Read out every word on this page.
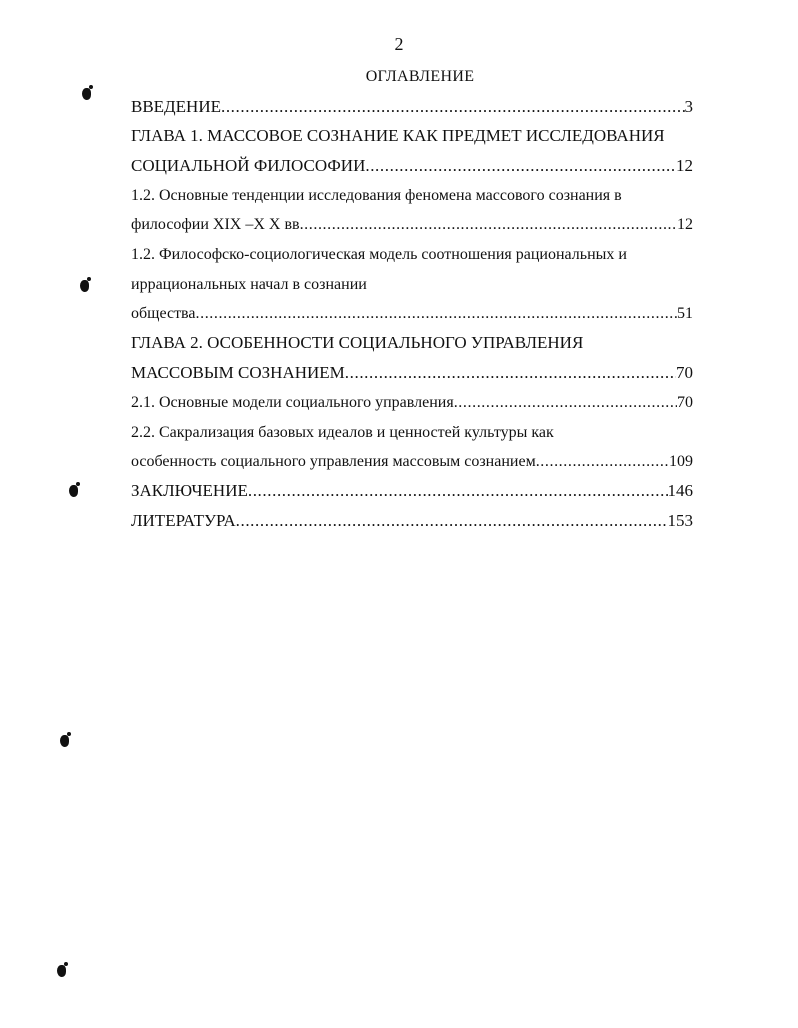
2
ОГЛАВЛЕНИЕ
ВВЕДЕНИЕ .....	3
ГЛАВА 1. МАССОВОЕ СОЗНАНИЕ КАК ПРЕДМЕТ ИССЛЕДОВАНИЯ
СОЦИАЛЬНОЙ ФИЛОСОФИИ .....	12
1.2. Основные тенденции исследования феномена массового сознания в
философии XIX –X X вв .....	12
1.2. Философско-социологическая модель соотношения рациональных и
иррациональных начал в сознании
общества .....	51
ГЛАВА 2. ОСОБЕННОСТИ СОЦИАЛЬНОГО УПРАВЛЕНИЯ
МАССОВЫМ СОЗНАНИЕМ .....	70
2.1. Основные модели социального управления .....	70
2.2. Сакрализация базовых идеалов и ценностей культуры как
особенность социального управления массовым сознанием .....	109
ЗАКЛЮЧЕНИЕ .....	146
ЛИТЕРАТУРА .....	153
